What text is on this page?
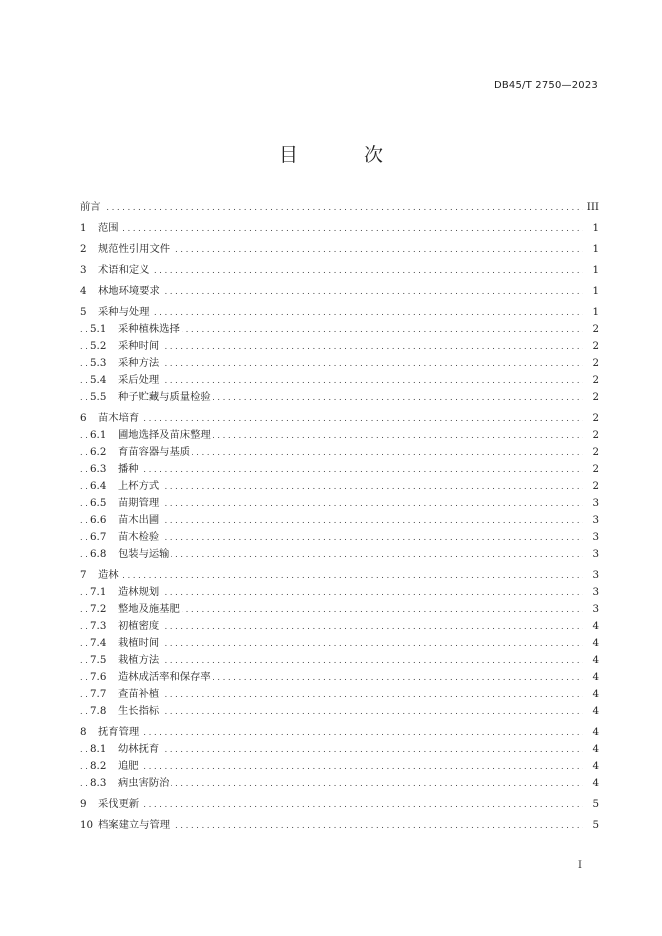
DB45/T 2750—2023
目 次
前言	III
. . .
1 范围	1
. . .
2 规范性引用文件	1
. . .
3 术语和定义	1
. . .
4 林地环境要求	1
. . .
5 采种与处理	1
. . .
5.1 采种植株选择	2
. . .
5.2 采种时间	2
. . .
5.3 采种方法	2
. . .
5.4 采后处理	2
. . .
5.5 种子贮藏与质量检验	2
. . .
6 苗木培育	2
. . .
6.1 圃地选择及苗床整理	2
. . .
6.2 育苗容器与基质	2
. . .
6.3 播种	2
. . .
6.4 上杯方式	2
. . .
6.5 苗期管理	3
. . .
6.6 苗木出圃	3
. . .
6.7 苗木检验	3
. . .
6.8 包装与运输	3
. . .
7 造林	3
. . .
7.1 造林规划	3
. . .
7.2 整地及施基肥	3
. . .
7.3 初植密度	4
. . .
7.4 栽植时间	4
. . .
7.5 栽植方法	4
. . .
7.6 造林成活率和保存率	4
. . .
7.7 查苗补植	4
. . .
7.8 生长指标	4
. . .
8 抚育管理	4
. . .
8.1 幼林抚育	4
. . .
8.2 追肥	4
. . .
8.3 病虫害防治	4
. . .
9 采伐更新	5
. . .
10 档案建立与管理	5
. . .
I
